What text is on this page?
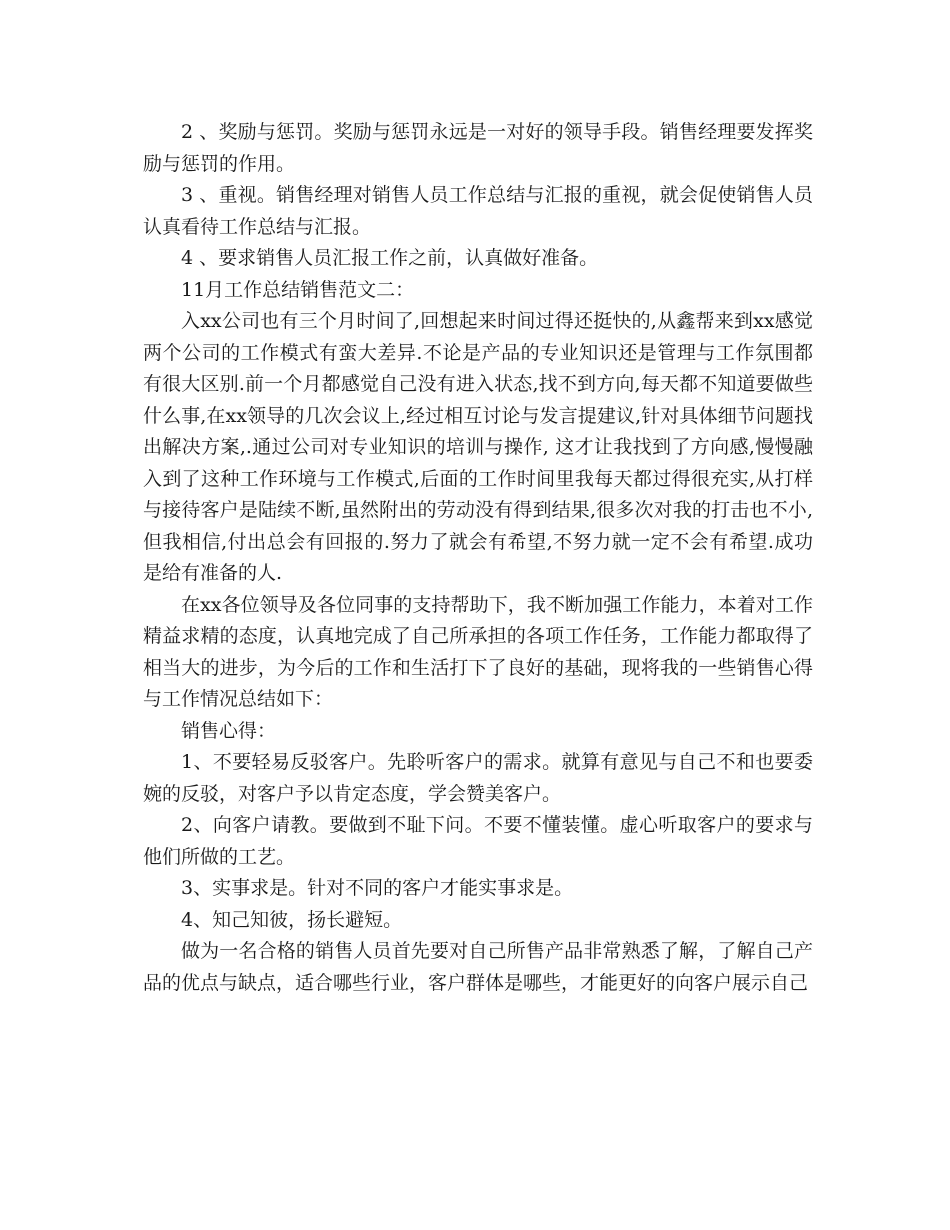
2 、奖励与惩罚。奖励与惩罚永远是一对好的领导手段。销售经理要发挥奖励与惩罚的作用。

3 、重视。销售经理对销售人员工作总结与汇报的重视，就会促使销售人员认真看待工作总结与汇报。

4 、要求销售人员汇报工作之前，认真做好准备。

11月工作总结销售范文二：

入xx公司也有三个月时间了,回想起来时间过得还挺快的,从鑫帮来到xx感觉两个公司的工作模式有蛮大差异.不论是产品的专业知识还是管理与工作氛围都有很大区别.前一个月都感觉自己没有进入状态,找不到方向,每天都不知道要做些什么事,在xx领导的几次会议上,经过相互讨论与发言提建议,针对具体细节问题找出解决方案,.通过公司对专业知识的培训与操作, 这才让我找到了方向感,慢慢融入到了这种工作环境与工作模式,后面的工作时间里我每天都过得很充实,从打样与接待客户是陆续不断,虽然附出的劳动没有得到结果,很多次对我的打击也不小,但我相信,付出总会有回报的.努力了就会有希望,不努力就一定不会有希望.成功是给有准备的人.

在xx各位领导及各位同事的支持帮助下，我不断加强工作能力，本着对工作精益求精的态度，认真地完成了自己所承担的各项工作任务，工作能力都取得了相当大的进步，为今后的工作和生活打下了良好的基础，现将我的一些销售心得与工作情况总结如下：

销售心得：

1、不要轻易反驳客户。先聆听客户的需求。就算有意见与自己不和也要委婉的反驳，对客户予以肯定态度，学会赞美客户。

2、向客户请教。要做到不耻下问。不要不懂装懂。虚心听取客户的要求与他们所做的工艺。

3、实事求是。针对不同的客户才能实事求是。

4、知己知彼，扬长避短。

做为一名合格的销售人员首先要对自己所售产品非常熟悉了解，了解自己产品的优点与缺点，适合哪些行业，客户群体是哪些，才能更好的向客户展示自己
